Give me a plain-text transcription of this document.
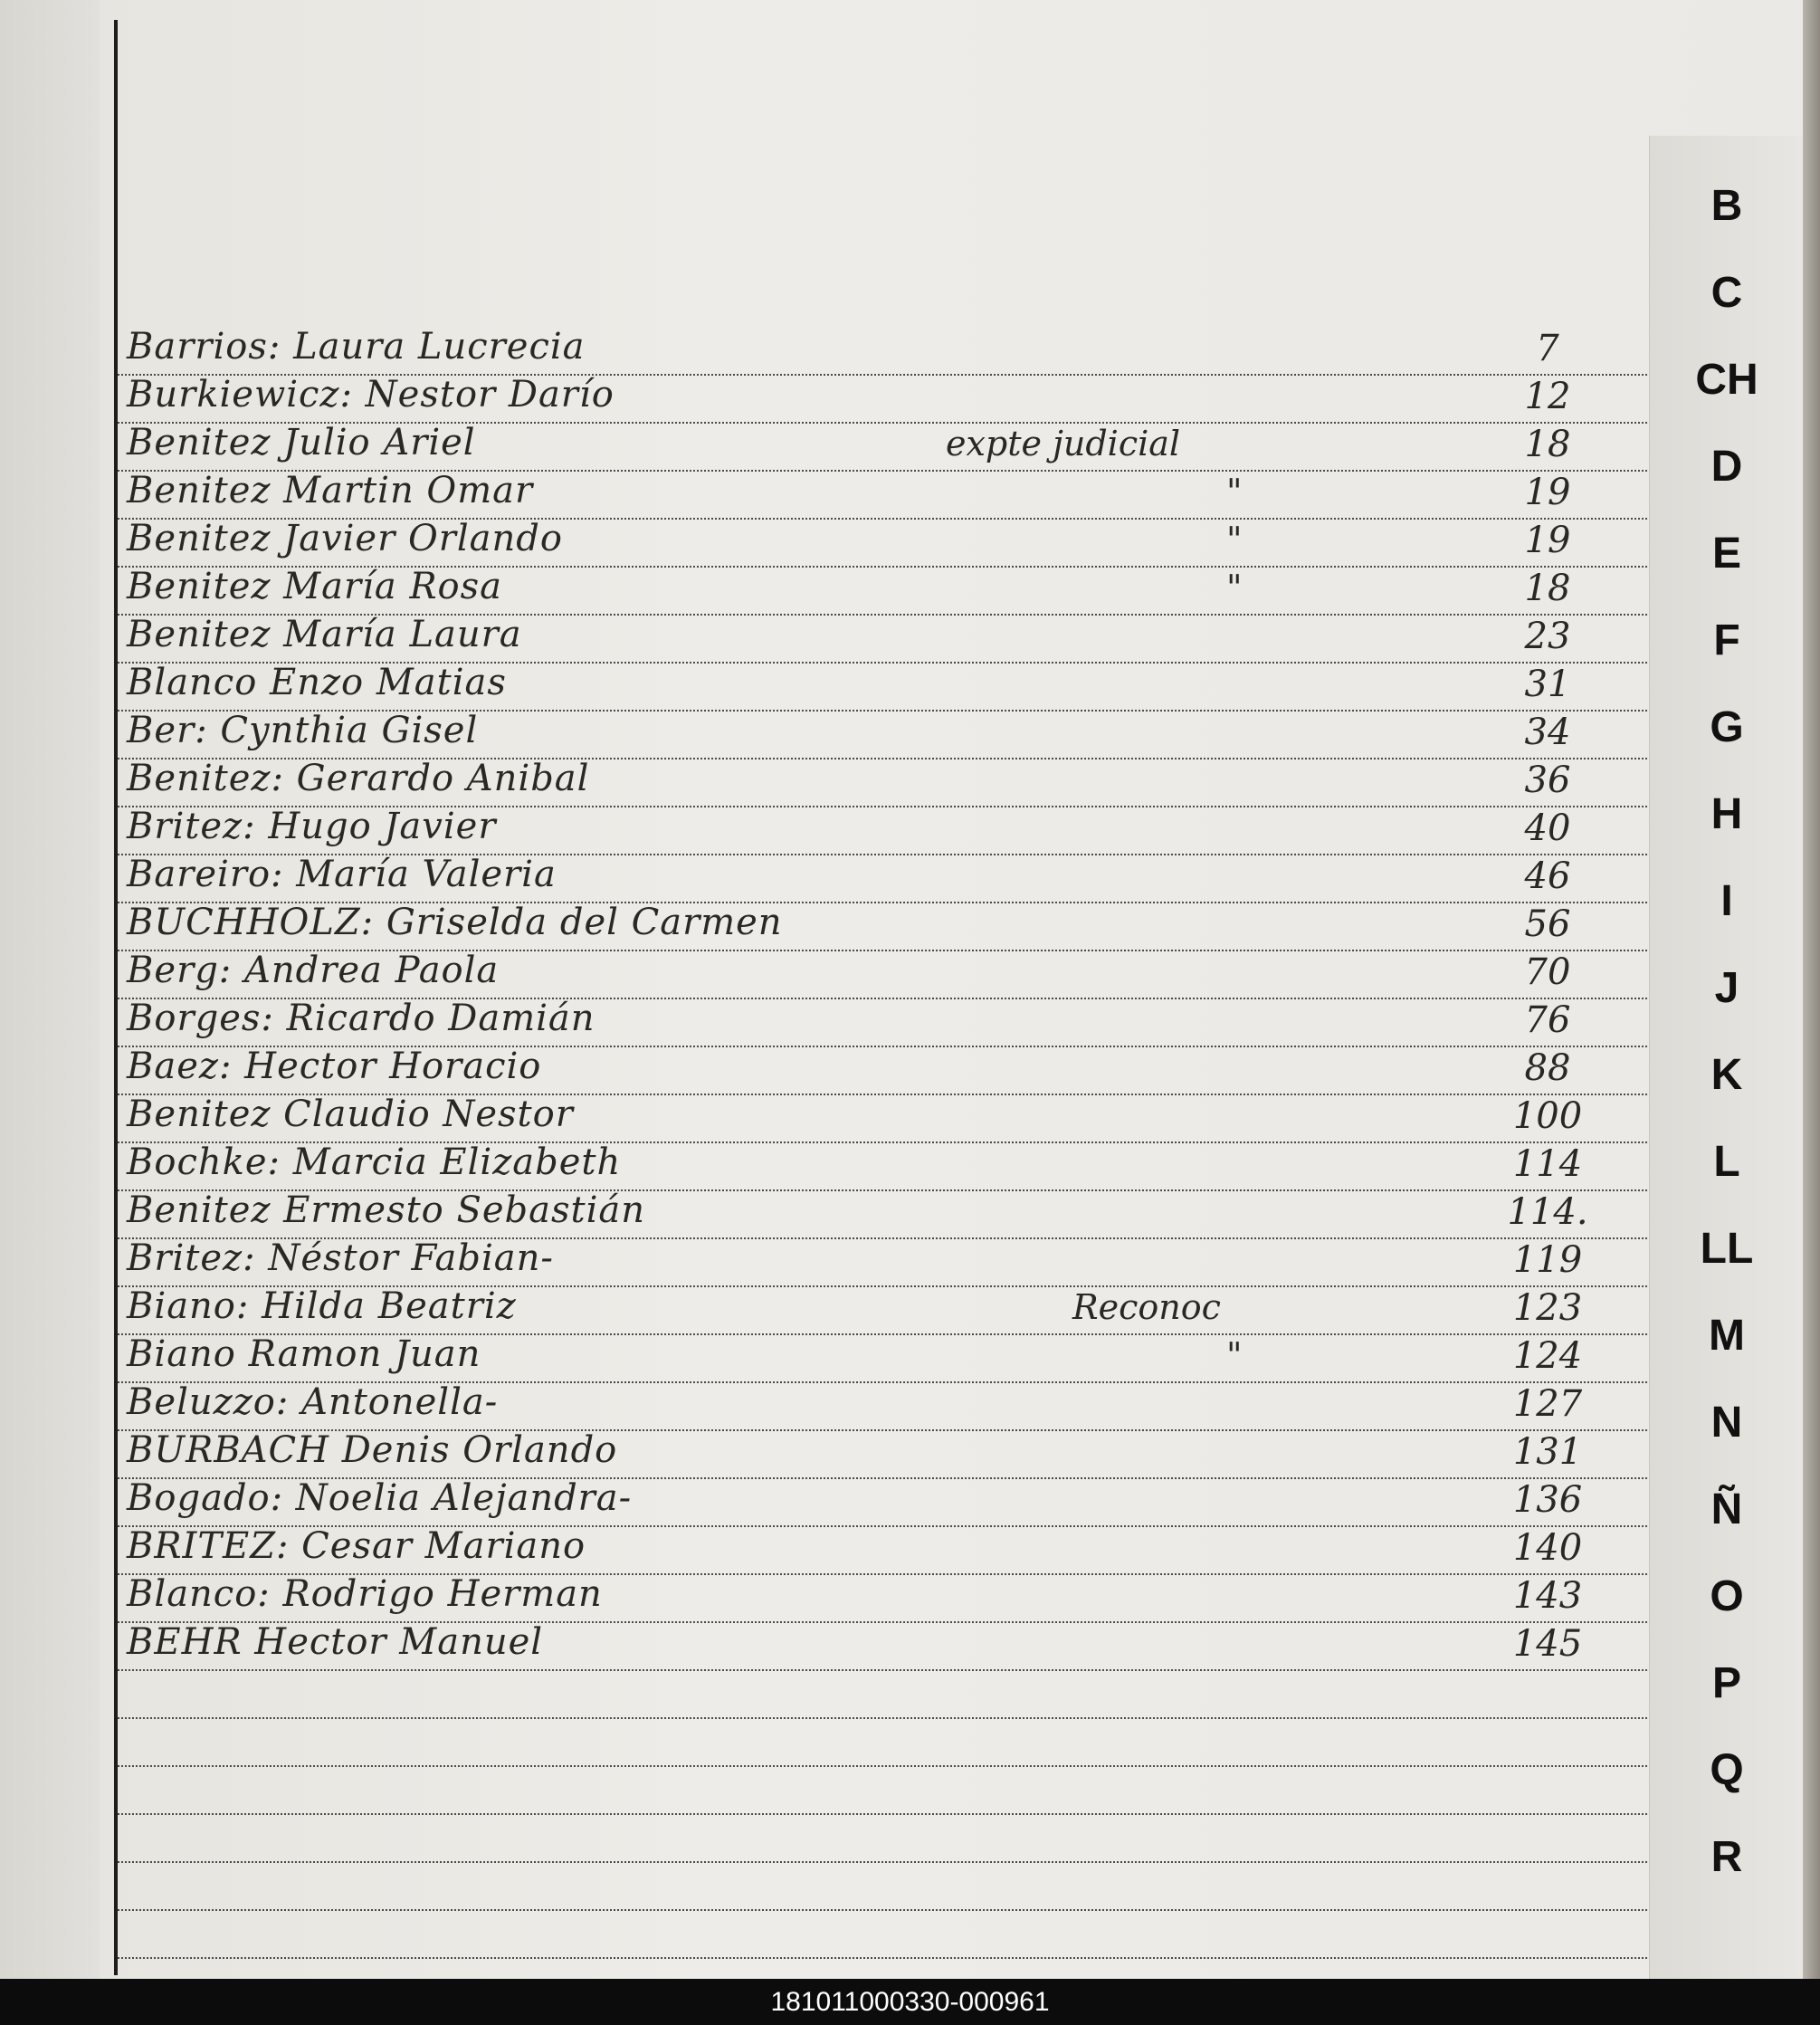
Barrios: Laura Lucrecia	7
Burkiewicz: Nestor Darío	12
Benitez Julio Ariel	expte judicial	18
Benitez Martin Omar	"	19
Benitez Javier Orlando	"	19
Benitez María Rosa	"	18
Benitez María Laura	23
Blanco Enzo Matias	31
Ber: Cynthia Gisel	34
Benitez: Gerardo Anibal	36
Britez: Hugo Javier	40
Bareiro: María Valeria	46
BUCHHOLZ: Griselda del Carmen	56
Berg: Andrea Paola	70
Borges: Ricardo Damián	76
Baez: Hector Horacio	88
Benitez Claudio Nestor	100
Bochke: Marcia Elizabeth	114
Benitez Ermesto Sebastián	114.
Britez: Néstor Fabian-	119
Biano: Hilda Beatriz	Reconoc	123
Biano Ramon Juan	"	124
Beluzzo: Antonella-	127
BURBACH Denis Orlando	131
Bogado: Noelia Alejandra-	136
BRITEZ: Cesar Mariano	140
Blanco: Rodrigo Herman	143
BEHR Hector Manuel	145
B
C
CH
D
E
F
G
H
I
J
K
L
LL
M
N
Ñ
O
P
Q
R
181011000330-000961
